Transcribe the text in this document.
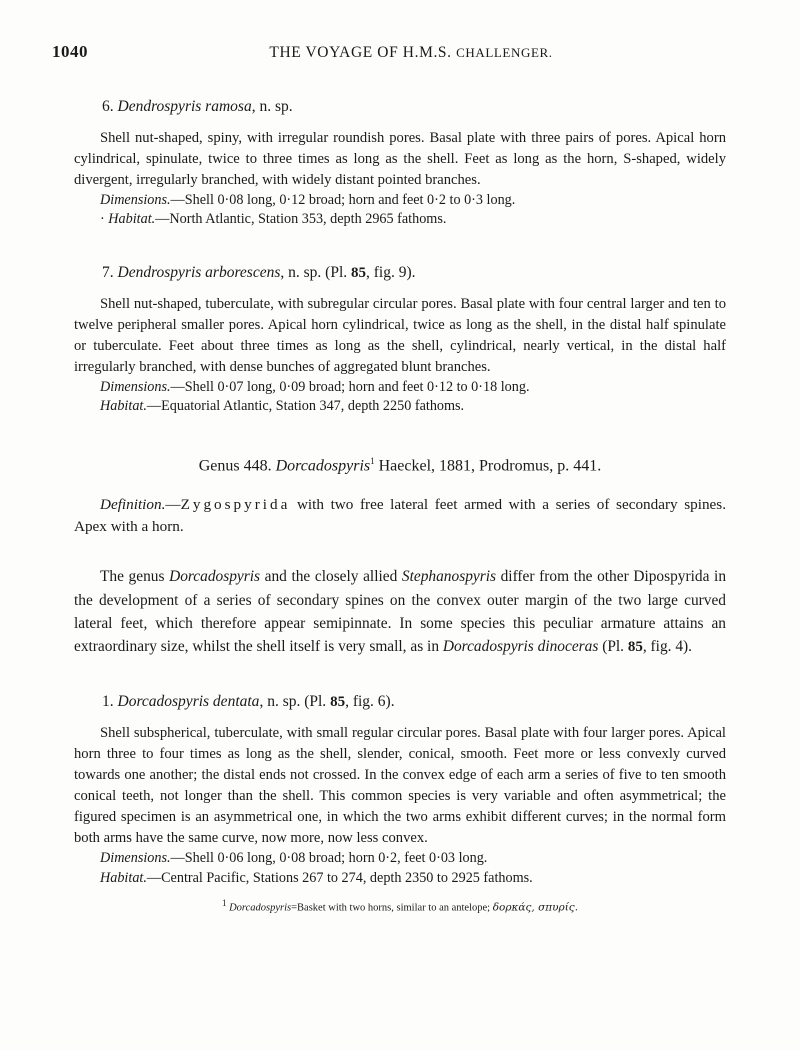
1040	THE VOYAGE OF H.M.S. CHALLENGER.
6. Dendrospyris ramosa, n. sp.

Shell nut-shaped, spiny, with irregular roundish pores. Basal plate with three pairs of pores. Apical horn cylindrical, spinulate, twice to three times as long as the shell. Feet as long as the horn, S-shaped, widely divergent, irregularly branched, with widely distant pointed branches.

Dimensions.—Shell 0·08 long, 0·12 broad; horn and feet 0·2 to 0·3 long.

· Habitat.—North Atlantic, Station 353, depth 2965 fathoms.

7. Dendrospyris arborescens, n. sp. (Pl. 85, fig. 9).

Shell nut-shaped, tuberculate, with subregular circular pores. Basal plate with four central larger and ten to twelve peripheral smaller pores. Apical horn cylindrical, twice as long as the shell, in the distal half spinulate or tuberculate. Feet about three times as long as the shell, cylindrical, nearly vertical, in the distal half irregularly branched, with dense bunches of aggregated blunt branches.

Dimensions.—Shell 0·07 long, 0·09 broad; horn and feet 0·12 to 0·18 long.

Habitat.—Equatorial Atlantic, Station 347, depth 2250 fathoms.

Genus 448. Dorcadospyris$^1$ Haeckel, 1881, Prodromus, p. 441.

Definition.—Zygospyrida with two free lateral feet armed with a series of secondary spines. Apex with a horn.

The genus Dorcadospyris and the closely allied Stephanospyris differ from the other Dipospyrida in the development of a series of secondary spines on the convex outer margin of the two large curved lateral feet, which therefore appear semipinnate. In some species this peculiar armature attains an extraordinary size, whilst the shell itself is very small, as in Dorcadospyris dinoceras (Pl. 85, fig. 4).

1. Dorcadospyris dentata, n. sp. (Pl. 85, fig. 6).

Shell subspherical, tuberculate, with small regular circular pores. Basal plate with four larger pores. Apical horn three to four times as long as the shell, slender, conical, smooth. Feet more or less convexly curved towards one another; the distal ends not crossed. In the convex edge of each arm a series of five to ten smooth conical teeth, not longer than the shell. This common species is very variable and often asymmetrical; the figured specimen is an asymmetrical one, in which the two arms exhibit different curves; in the normal form both arms have the same curve, now more, now less convex.

Dimensions.—Shell 0·06 long, 0·08 broad; horn 0·2, feet 0·03 long.

Habitat.—Central Pacific, Stations 267 to 274, depth 2350 to 2925 fathoms.

$^1$ Dorcadospyris=Basket with two horns, similar to an antelope; δορκάς, σπυρίς.
